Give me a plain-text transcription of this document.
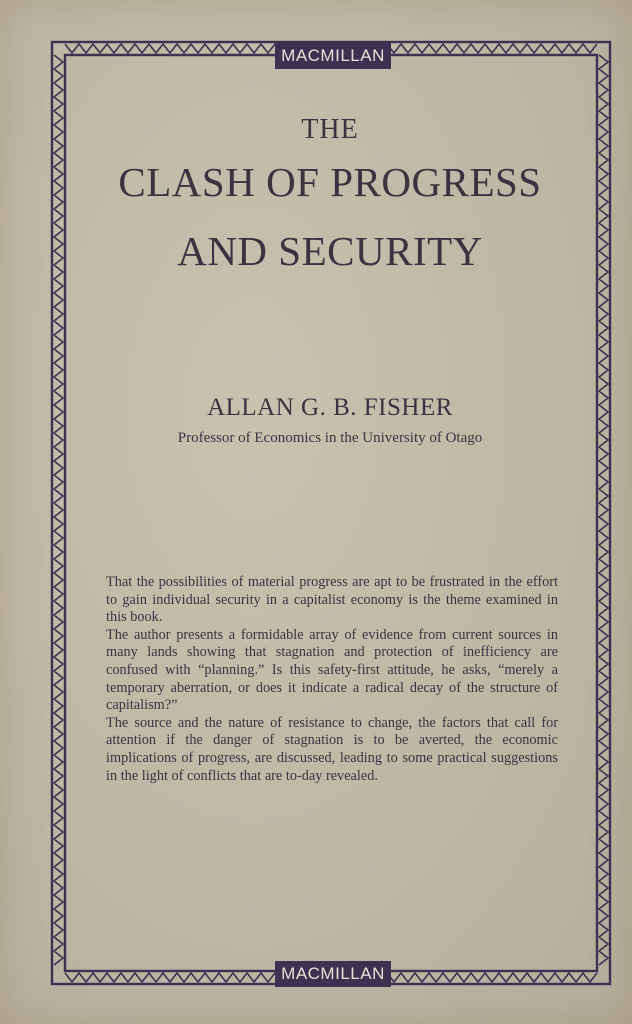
MACMILLAN
THE
CLASH OF PROGRESS
AND SECURITY
ALLAN G. B. FISHER
Professor of Economics in the University of Otago

That the possibilities of material progress are apt to be frustrated in the effort to gain individual security in a capitalist economy is the theme examined in this book.

The author presents a formidable array of evidence from current sources in many lands showing that stagnation and protection of inefficiency are confused with “planning.” Is this safety-first attitude, he asks, “merely a temporary aberration, or does it indicate a radical decay of the structure of capitalism?”

The source and the nature of resistance to change, the factors that call for attention if the danger of stagnation is to be averted, the economic implications of progress, are discussed, leading to some practical suggestions in the light of conflicts that are to-day revealed.

MACMILLAN
